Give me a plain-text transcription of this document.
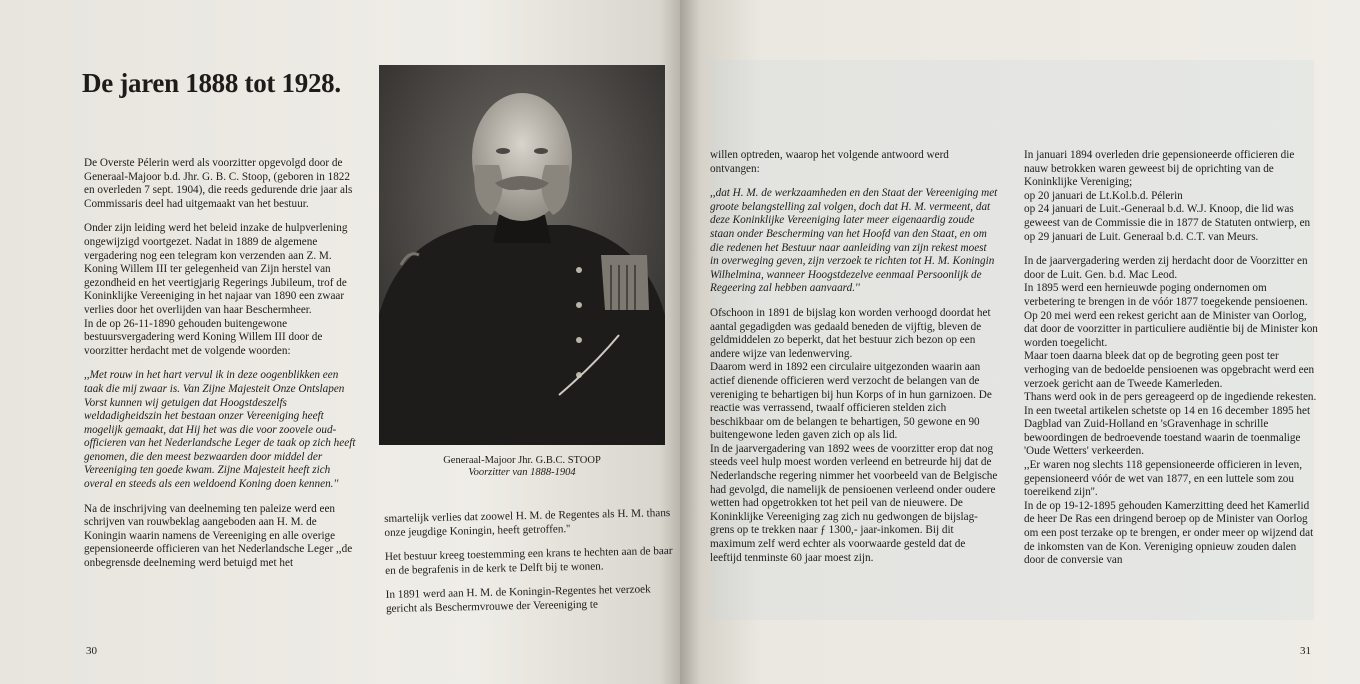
De jaren 1888 tot 1928.

De Overste Pélerin werd als voorzitter opgevolgd door de Generaal-Majoor b.d. Jhr. G. B. C. Stoop, (geboren in 1822 en overleden 7 sept. 1904), die reeds gedurende drie jaar als Commissaris deel had uitgemaakt van het bestuur.

Onder zijn leiding werd het beleid inzake de hulpverlening ongewijzigd voortgezet. Nadat in 1889 de algemene vergadering nog een telegram kon verzenden aan Z. M. Koning Willem III ter gelegenheid van Zijn herstel van gezondheid en het veertigjarig Regerings Jubileum, trof de Koninklijke Vereeniging in het najaar van 1890 een zwaar verlies door het overlijden van haar Beschermheer.

In de op 26-11-1890 gehouden buitengewone bestuursvergadering werd Koning Willem III door de voorzitter herdacht met de volgende woorden:

,,Met rouw in het hart vervul ik in deze oogenblikken een taak die mij zwaar is. Van Zijne Majesteit Onze Ontslapen Vorst kunnen wij getuigen dat Hoogstdeszelfs weldadigheidszin het bestaan onzer Vereeniging heeft mogelijk gemaakt, dat Hij het was die voor zoovele oud-officieren van het Nederlandsche Leger de taak op zich heeft genomen, die den meest bezwaarden door middel der Vereeniging ten goede kwam. Zijne Majesteit heeft zich overal en steeds als een weldoend Koning doen kennen.''

Na de inschrijving van deelneming ten paleize werd een schrijven van rouwbeklag aangeboden aan H. M. de Koningin waarin namens de Vereeniging en alle overige gepensioneerde officieren van het Nederlandsche Leger ,,de onbegrensde deelneming werd betuigd met het

Generaal-Majoor Jhr. G.B.C. STOOP
Voorzitter van 1888-1904

smartelijk verlies dat zoowel H. M. de Regentes als H. M. thans onze jeugdige Koningin, heeft getroffen.''

Het bestuur kreeg toestemming een krans te hechten aan de baar en de begrafenis in de kerk te Delft bij te wonen.

In 1891 werd aan H. M. de Koningin-Regentes het verzoek gericht als Beschermvrouwe der Vereeniging te

30

willen optreden, waarop het volgende antwoord werd ontvangen:

,,dat H. M. de werkzaamheden en den Staat der Vereeniging met groote belangstelling zal volgen, doch dat H. M. vermeent, dat deze Koninklijke Vereeniging later meer eigenaardig zoude staan onder Bescherming van het Hoofd van den Staat, en om die redenen het Bestuur naar aanleiding van zijn rekest moest in overweging geven, zijn verzoek te richten tot H. M. Koningin Wilhelmina, wanneer Hoogstdezelve eenmaal Persoonlijk de Regeering zal hebben aanvaard.''

Ofschoon in 1891 de bijslag kon worden verhoogd doordat het aantal gegadigden was gedaald beneden de vijftig, bleven de geldmiddelen zo beperkt, dat het bestuur zich bezon op een andere wijze van ledenwerving.

Daarom werd in 1892 een circulaire uitgezonden waarin aan actief dienende officieren werd verzocht de belangen van de vereniging te behartigen bij hun Korps of in hun garnizoen. De reactie was verrassend, twaalf officieren stelden zich beschikbaar om de belangen te behartigen, 50 gewone en 90 buitengewone leden gaven zich op als lid.

In de jaarvergadering van 1892 wees de voorzitter erop dat nog steeds veel hulp moest worden verleend en betreurde hij dat de Nederlandsche regering nimmer het voorbeeld van de Belgische had gevolgd, die namelijk de pensioenen verleend onder oudere wetten had opgetrokken tot het peil van de nieuwere. De Koninklijke Vereeniging zag zich nu gedwongen de bijslag-grens op te trekken naar ƒ 1300,- jaar-inkomen. Bij dit maximum zelf werd echter als voorwaarde gesteld dat de leeftijd tenminste 60 jaar moest zijn.

In januari 1894 overleden drie gepensioneerde officieren die nauw betrokken waren geweest bij de oprichting van de Koninklijke Vereniging;

op 20 januari de Lt.Kol.b.d. Pélerin

op 24 januari de Luit.-Generaal b.d. W.J. Knoop, die lid was geweest van de Commissie die in 1877 de Statuten ontwierp, en

op 29 januari de Luit. Generaal b.d. C.T. van Meurs.

In de jaarvergadering werden zij herdacht door de Voorzitter en door de Luit. Gen. b.d. Mac Leod.

In 1895 werd een hernieuwde poging ondernomen om verbetering te brengen in de vóór 1877 toegekende pensioenen. Op 20 mei werd een rekest gericht aan de Minister van Oorlog, dat door de voorzitter in particuliere audiëntie bij de Minister kon worden toegelicht.

Maar toen daarna bleek dat op de begroting geen post ter verhoging van de bedoelde pensioenen was opgebracht werd een verzoek gericht aan de Tweede Kamerleden.

Thans werd ook in de pers gereageerd op de ingediende rekesten. In een tweetal artikelen schetste op 14 en 16 december 1895 het Dagblad van Zuid-Holland en 'sGravenhage in schrille bewoordingen de bedroevende toestand waarin de toenmalige 'Oude Wetters' verkeerden.

,,Er waren nog slechts 118 gepensioneerde officieren in leven, gepensioneerd vóór de wet van 1877, en een luttele som zou toereikend zijn''.

In de op 19-12-1895 gehouden Kamerzitting deed het Kamerlid de heer De Ras een dringend beroep op de Minister van Oorlog om een post terzake op te brengen, er onder meer op wijzend dat de inkomsten van de Kon. Vereniging opnieuw zouden dalen door de conversie van

31
